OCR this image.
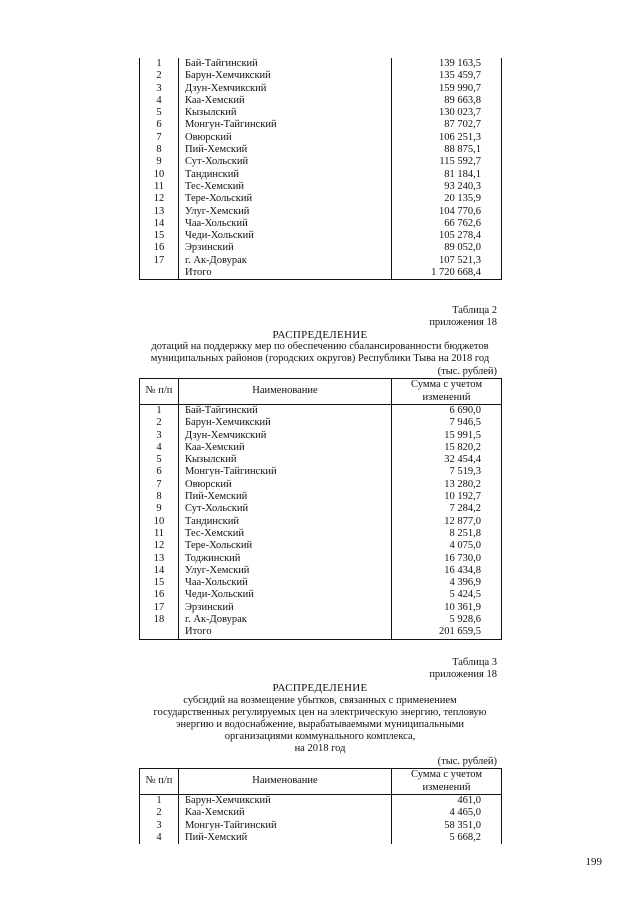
1	Бай-Тайгинский	139 163,5
2	Барун-Хемчикский	135 459,7
3	Дзун-Хемчикский	159 990,7
4	Каа-Хемский	89 663,8
5	Кызылский	130 023,7
6	Монгун-Тайгинский	87 702,7
7	Овюрский	106 251,3
8	Пий-Хемский	88 875,1
9	Сут-Хольский	115 592,7
10	Тандинский	81 184,1
11	Тес-Хемский	93 240,3
12	Тере-Хольский	20 135,9
13	Улуг-Хемский	104 770,6
14	Чаа-Хольский	66 762,6
15	Чеди-Хольский	105 278,4
16	Эрзинский	89 052,0
17	г. Ак-Довурак	107 521,3
	Итого	1 720 668,4
Таблица 2
приложения 18
РАСПРЕДЕЛЕНИЕ
дотаций на поддержку мер по обеспечению сбалансированности бюджетов
муниципальных районов (городских округов) Республики Тыва на 2018 год
(тыс. рублей)
№ п/п	Наименование	Сумма с учетом
изменений

1	Бай-Тайгинский	6 690,0
2	Барун-Хемчикский	7 946,5
3	Дзун-Хемчикский	15 991,5
4	Каа-Хемский	15 820,2
5	Кызылский	32 454,4
6	Монгун-Тайгинский	7 519,3
7	Овюрский	13 280,2
8	Пий-Хемский	10 192,7
9	Сут-Хольский	7 284,2
10	Тандинский	12 877,0
11	Тес-Хемский	8 251,8
12	Тере-Хольский	4 075,0
13	Тоджинский	16 730,0
14	Улуг-Хемский	16 434,8
15	Чаа-Хольский	4 396,9
16	Чеди-Хольский	5 424,5
17	Эрзинский	10 361,9
18	г. Ак-Довурак	5 928,6
	Итого	201 659,5
Таблица 3
приложения 18
РАСПРЕДЕЛЕНИЕ
субсидий на возмещение убытков, связанных с применением
государственных регулируемых цен на электрическую энергию, тепловую
энергию и водоснабжение, вырабатываемыми муниципальными
организациями коммунального комплекса,
на 2018 год
(тыс. рублей)
№ п/п	Наименование	Сумма с учетом
изменений

1	Барун-Хемчикский	461,0
2	Каа-Хемский	4 465,0
3	Монгун-Тайгинский	58 351,0
4	Пий-Хемский	5 668,2
199
